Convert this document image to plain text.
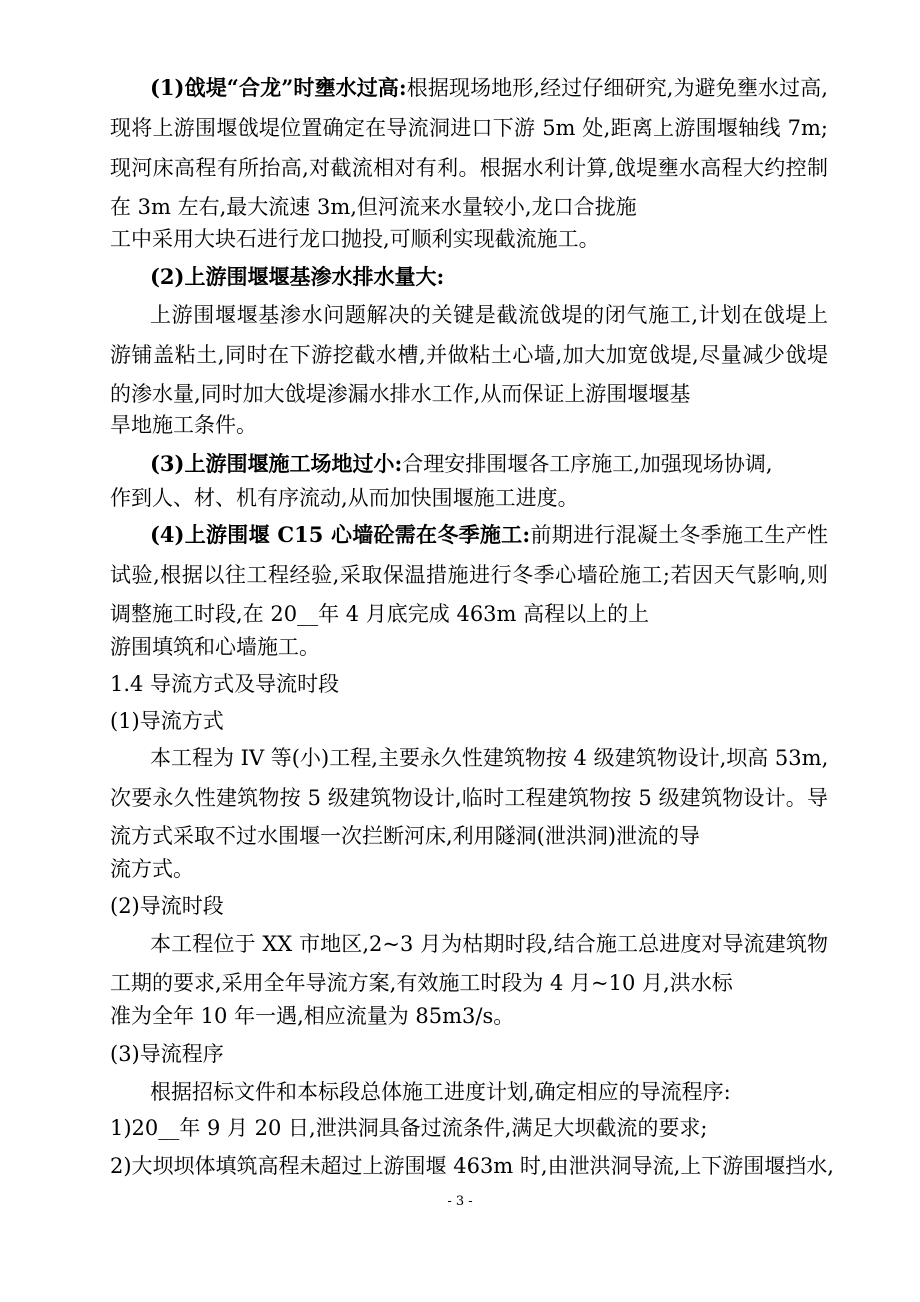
(1)戗堤“合龙”时壅水过高:根据现场地形,经过仔细研究,为避免壅水过高,
现将上游围堰戗堤位置确定在导流洞进口下游 5m 处,距离上游围堰轴线 7m;
现河床高程有所抬高,对截流相对有利。根据水利计算,戗堤壅水高程大约控制
在 3m 左右,最大流速 3m,但河流来水量较小,龙口合拢施
工中采用大块石进行龙口抛投,可顺利实现截流施工。
(2)上游围堰堰基渗水排水量大:
上游围堰堰基渗水问题解决的关键是截流戗堤的闭气施工,计划在戗堤上
游铺盖粘土,同时在下游挖截水槽,并做粘土心墙,加大加宽戗堤,尽量减少戗堤
的渗水量,同时加大戗堤渗漏水排水工作,从而保证上游围堰堰基
旱地施工条件。
(3)上游围堰施工场地过小:合理安排围堰各工序施工,加强现场协调,
作到人、材、机有序流动,从而加快围堰施工进度。
(4)上游围堰 C15 心墙砼需在冬季施工:前期进行混凝土冬季施工生产性
试验,根据以往工程经验,采取保温措施进行冬季心墙砼施工;若因天气影响,则
调整施工时段,在 20__年 4 月底完成 463m 高程以上的上
游围填筑和心墙施工。
1.4 导流方式及导流时段
(1)导流方式
本工程为 IV 等(小)工程,主要永久性建筑物按 4 级建筑物设计,坝高 53m,
次要永久性建筑物按 5 级建筑物设计,临时工程建筑物按 5 级建筑物设计。导
流方式采取不过水围堰一次拦断河床,利用隧洞(泄洪洞)泄流的导
流方式。
(2)导流时段
本工程位于 XX 市地区,2~3 月为枯期时段,结合施工总进度对导流建筑物
工期的要求,采用全年导流方案,有效施工时段为 4 月~10 月,洪水标
准为全年 10 年一遇,相应流量为 85m3/s。
(3)导流程序
根据招标文件和本标段总体施工进度计划,确定相应的导流程序:
1)20__年 9 月 20 日,泄洪洞具备过流条件,满足大坝截流的要求;
2)大坝坝体填筑高程未超过上游围堰 463m 时,由泄洪洞导流,上下游围堰挡水,
- 3 -
